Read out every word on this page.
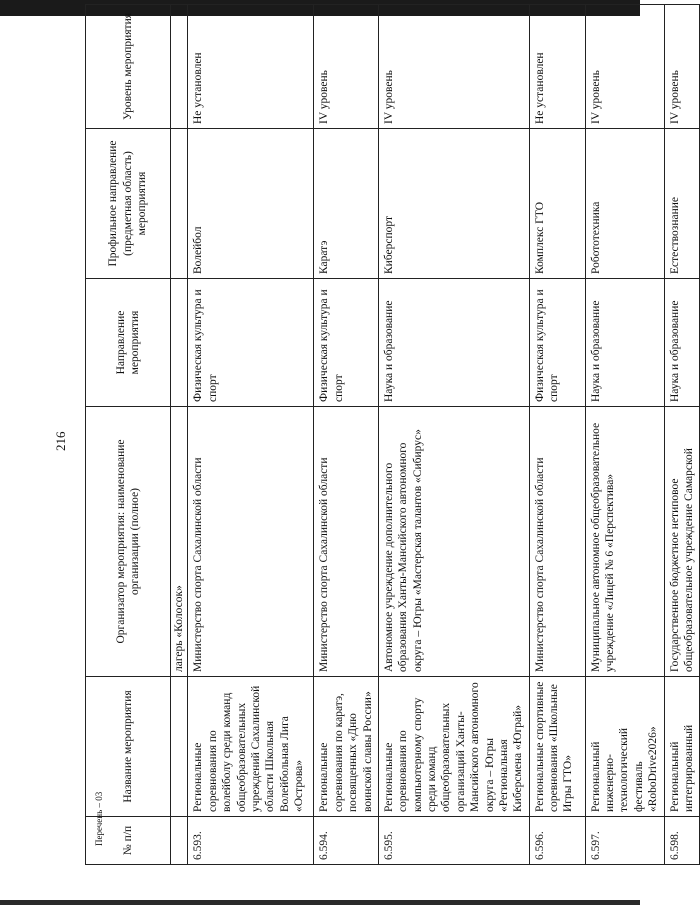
216
№ п/п	Название мероприятия	Организатор мероприятия: наименование организации (полное)	Направление мероприятия	Профильное направление (предметная область) мероприятия	Уровень мероприятия
		лагерь «Колосок»			
6.593.	Региональные соревнования по волейболу среди команд общеобразовательных учреждений Сахалинской области Школьная Волейбольная Лига «Острова»	Министерство спорта Сахалинской области	Физическая культура и спорт	Волейбол	Не установлен
6.594.	Региональные соревнования по каратэ, посвященных «Дню воинской славы России»	Министерство спорта Сахалинской области	Физическая культура и спорт	Каратэ	IV уровень
6.595.	Региональные соревнования по компьютерному спорту среди команд общеобразовательных организаций Ханты-Мансийского автономного округа – Югры «Региональная Киберсмена «Юграй»	Автономное учреждение дополнительного образования Ханты-Мансийского автономного округа – Югры «Мастерская талантов «Сибирус»	Наука и образование	Киберспорт	IV уровень
6.596.	Региональные спортивные соревнования «Школьные Игры ГТО»	Министерство спорта Сахалинской области	Физическая культура и спорт	Комплекс ГТО	Не установлен
6.597.	Региональный инженерно-технологический фестиваль «RoboDrive2026»	Муниципальное автономное общеобразовательное учреждение «Лицей № 6 «Перспектива»	Наука и образование	Робототехника	IV уровень
6.598.	Региональный интегрированный	Государственное бюджетное нетиповое общеобразовательное учреждение Самарской	Наука и образование	Естествознание	IV уровень
Перечень – 03
